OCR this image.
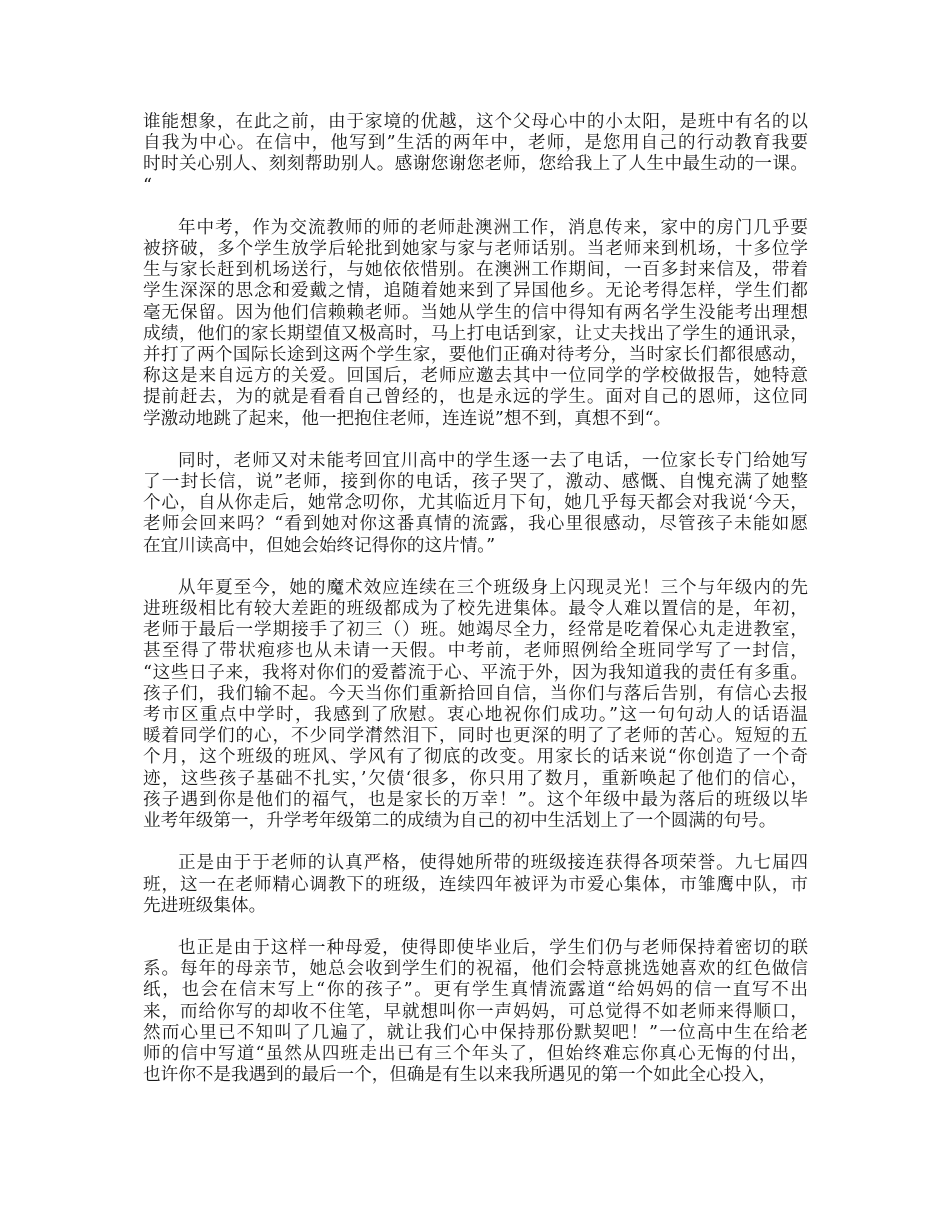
谁能想象，在此之前，由于家境的优越，这个父母心中的小太阳，是班中有名的以
自我为中心。在信中，他写到”生活的两年中，老师，是您用自己的行动教育我要
时时关心别人、刻刻帮助别人。感谢您谢您老师，您给我上了人生中最生动的一课。
“
年中考，作为交流教师的师的老师赴澳洲工作，消息传来，家中的房门几乎要
被挤破，多个学生放学后轮批到她家与家与老师话别。当老师来到机场，十多位学
生与家长赶到机场送行，与她依依惜别。在澳洲工作期间，一百多封来信及，带着
学生深深的思念和爱戴之情，追随着她来到了异国他乡。无论考得怎样，学生们都
毫无保留。因为他们信赖赖老师。当她从学生的信中得知有两名学生没能考出理想
成绩，他们的家长期望值又极高时，马上打电话到家，让丈夫找出了学生的通讯录，
并打了两个国际长途到这两个学生家，要他们正确对待考分，当时家长们都很感动，
称这是来自远方的关爱。回国后，老师应邀去其中一位同学的学校做报告，她特意
提前赶去，为的就是看看自己曾经的，也是永远的学生。面对自己的恩师，这位同
学激动地跳了起来，他一把抱住老师，连连说”想不到，真想不到“。
同时，老师又对未能考回宜川高中的学生逐一去了电话，一位家长专门给她写
了一封长信，说”老师，接到你的电话，孩子哭了，激动、感慨、自愧充满了她整
个心，自从你走后，她常念叨你，尤其临近月下旬，她几乎每天都会对我说‘今天，
老师会回来吗？“看到她对你这番真情的流露，我心里很感动，尽管孩子未能如愿
在宜川读高中，但她会始终记得你的这片情。”
从年夏至今，她的魔术效应连续在三个班级身上闪现灵光！三个与年级内的先
进班级相比有较大差距的班级都成为了校先进集体。最令人难以置信的是，年初，
老师于最后一学期接手了初三（）班。她竭尽全力，经常是吃着保心丸走进教室，
甚至得了带状疱疹也从未请一天假。中考前，老师照例给全班同学写了一封信，
“这些日子来，我将对你们的爱蓄流于心、平流于外，因为我知道我的责任有多重。
孩子们，我们输不起。今天当你们重新拾回自信，当你们与落后告别，有信心去报
考市区重点中学时，我感到了欣慰。衷心地祝你们成功。”这一句句动人的话语温
暖着同学们的心，不少同学潸然泪下，同时也更深的明了了老师的苦心。短短的五
个月，这个班级的班风、学风有了彻底的改变。用家长的话来说“你创造了一个奇
迹，这些孩子基础不扎实，’欠债‘很多，你只用了数月，重新唤起了他们的信心，
孩子遇到你是他们的福气，也是家长的万幸！”。这个年级中最为落后的班级以毕
业考年级第一，升学考年级第二的成绩为自己的初中生活划上了一个圆满的句号。
正是由于于老师的认真严格，使得她所带的班级接连获得各项荣誉。九七届四
班，这一在老师精心调教下的班级，连续四年被评为市爱心集体，市雏鹰中队，市
先进班级集体。
也正是由于这样一种母爱，使得即使毕业后，学生们仍与老师保持着密切的联
系。每年的母亲节，她总会收到学生们的祝福，他们会特意挑选她喜欢的红色做信
纸，也会在信末写上“你的孩子”。更有学生真情流露道“给妈妈的信一直写不出
来，而给你写的却收不住笔，早就想叫你一声妈妈，可总觉得不如老师来得顺口，
然而心里已不知叫了几遍了，就让我们心中保持那份默契吧！”一位高中生在给老
师的信中写道“虽然从四班走出已有三个年头了，但始终难忘你真心无悔的付出，
也许你不是我遇到的最后一个，但确是有生以来我所遇见的第一个如此全心投入，
